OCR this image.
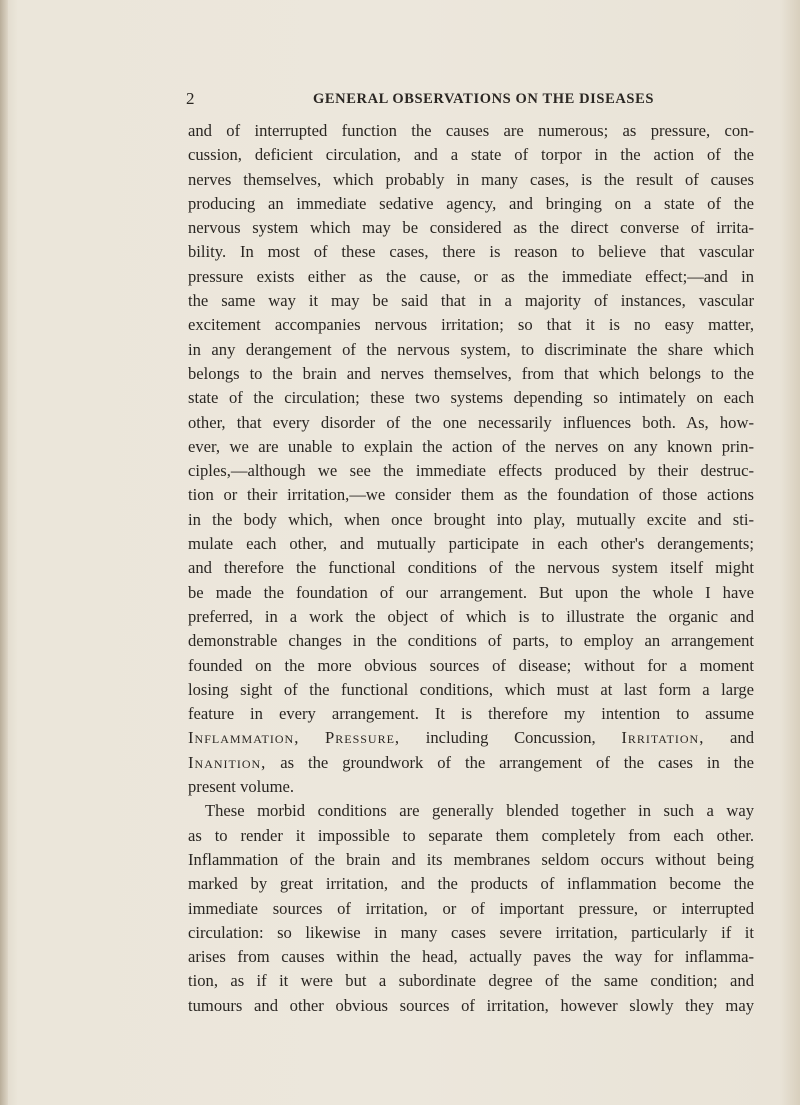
2	GENERAL OBSERVATIONS ON THE DISEASES
and of interrupted function the causes are numerous; as pressure, con-
cussion, deficient circulation, and a state of torpor in the action of the
nerves themselves, which probably in many cases, is the result of causes
producing an immediate sedative agency, and bringing on a state of the
nervous system which may be considered as the direct converse of irrita-
bility. In most of these cases, there is reason to believe that vascular
pressure exists either as the cause, or as the immediate effect;—and in
the same way it may be said that in a majority of instances, vascular
excitement accompanies nervous irritation; so that it is no easy matter,
in any derangement of the nervous system, to discriminate the share which
belongs to the brain and nerves themselves, from that which belongs to the
state of the circulation; these two systems depending so intimately on each
other, that every disorder of the one necessarily influences both. As, how-
ever, we are unable to explain the action of the nerves on any known prin-
ciples,—although we see the immediate effects produced by their destruc-
tion or their irritation,—we consider them as the foundation of those actions
in the body which, when once brought into play, mutually excite and sti-
mulate each other, and mutually participate in each other's derangements;
and therefore the functional conditions of the nervous system itself might
be made the foundation of our arrangement. But upon the whole I have
preferred, in a work the object of which is to illustrate the organic and
demonstrable changes in the conditions of parts, to employ an arrangement
founded on the more obvious sources of disease; without for a moment
losing sight of the functional conditions, which must at last form a large
feature in every arrangement. It is therefore my intention to assume
Inflammation, Pressure, including Concussion, Irritation, and
Inanition, as the groundwork of the arrangement of the cases in the
present volume.
These morbid conditions are generally blended together in such a way
as to render it impossible to separate them completely from each other.
Inflammation of the brain and its membranes seldom occurs without being
marked by great irritation, and the products of inflammation become the
immediate sources of irritation, or of important pressure, or interrupted
circulation: so likewise in many cases severe irritation, particularly if it
arises from causes within the head, actually paves the way for inflamma-
tion, as if it were but a subordinate degree of the same condition; and
tumours and other obvious sources of irritation, however slowly they may
